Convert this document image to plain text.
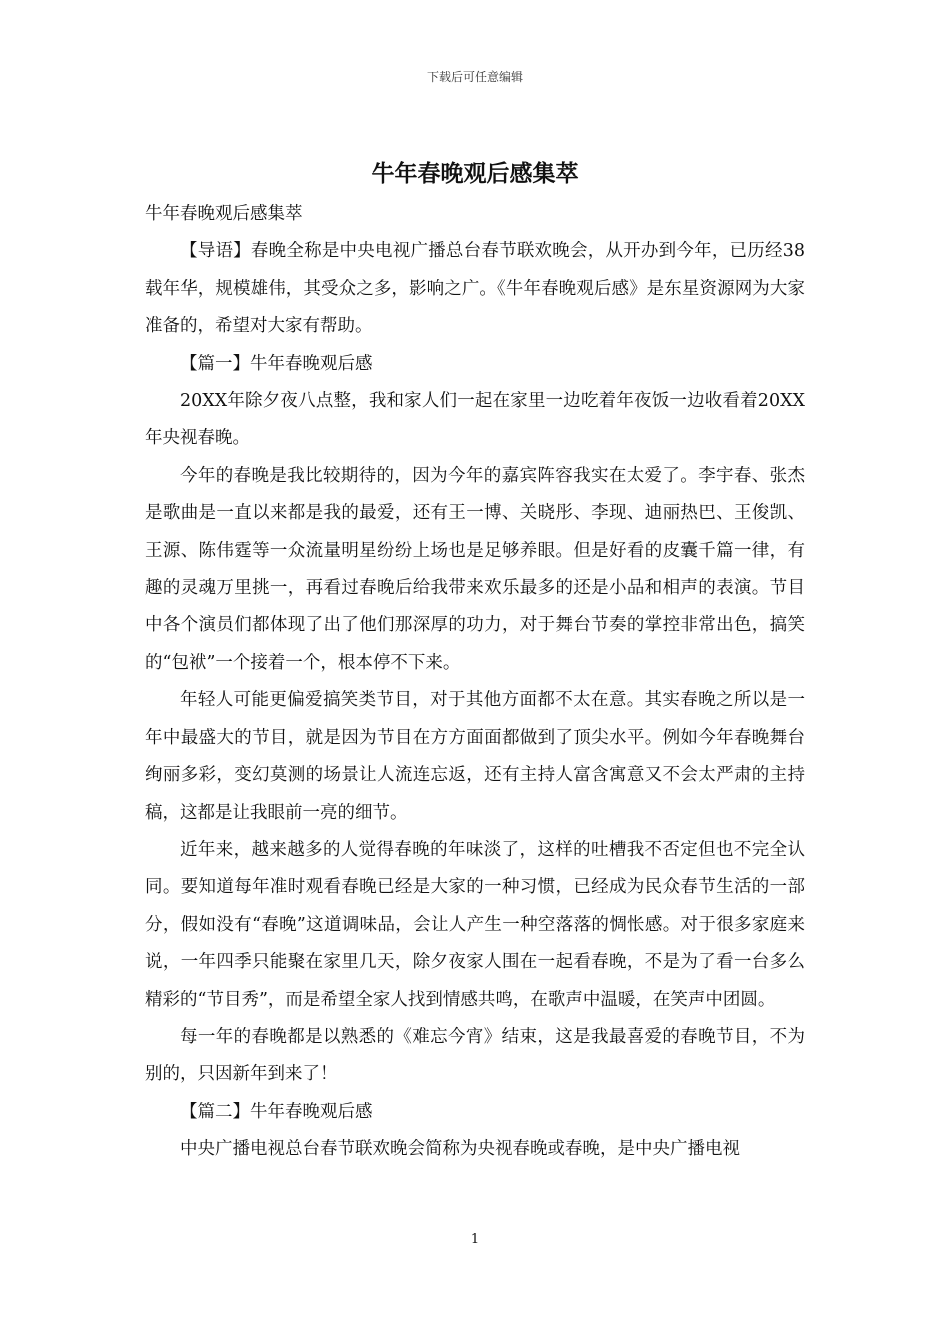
下载后可任意编辑
牛年春晚观后感集萃

牛年春晚观后感集萃

【导语】春晚全称是中央电视广播总台春节联欢晚会，从开办到今年，已历经38载年华，规模雄伟，其受众之多，影响之广。《牛年春晚观后感》是东星资源网为大家准备的，希望对大家有帮助。

【篇一】牛年春晚观后感

20XX年除夕夜八点整，我和家人们一起在家里一边吃着年夜饭一边收看着20XX年央视春晚。

今年的春晚是我比较期待的，因为今年的嘉宾阵容我实在太爱了。李宇春、张杰是歌曲是一直以来都是我的最爱，还有王一博、关晓彤、李现、迪丽热巴、王俊凯、王源、陈伟霆等一众流量明星纷纷上场也是足够养眼。但是好看的皮囊千篇一律，有趣的灵魂万里挑一，再看过春晚后给我带来欢乐最多的还是小品和相声的表演。节目中各个演员们都体现了出了他们那深厚的功力，对于舞台节奏的掌控非常出色，搞笑的“包袱”一个接着一个，根本停不下来。

年轻人可能更偏爱搞笑类节目，对于其他方面都不太在意。其实春晚之所以是一年中最盛大的节目，就是因为节目在方方面面都做到了顶尖水平。例如今年春晚舞台绚丽多彩，变幻莫测的场景让人流连忘返，还有主持人富含寓意又不会太严肃的主持稿，这都是让我眼前一亮的细节。

近年来，越来越多的人觉得春晚的年味淡了，这样的吐槽我不否定但也不完全认同。要知道每年准时观看春晚已经是大家的一种习惯，已经成为民众春节生活的一部分，假如没有“春晚”这道调味品，会让人产生一种空落落的惆怅感。对于很多家庭来说，一年四季只能聚在家里几天，除夕夜家人围在一起看春晚，不是为了看一台多么精彩的“节目秀”，而是希望全家人找到情感共鸣，在歌声中温暖，在笑声中团圆。

每一年的春晚都是以熟悉的《难忘今宵》结束，这是我最喜爱的春晚节目，不为别的，只因新年到来了！

【篇二】牛年春晚观后感

中央广播电视总台春节联欢晚会简称为央视春晚或春晚，是中央广播电视

1
